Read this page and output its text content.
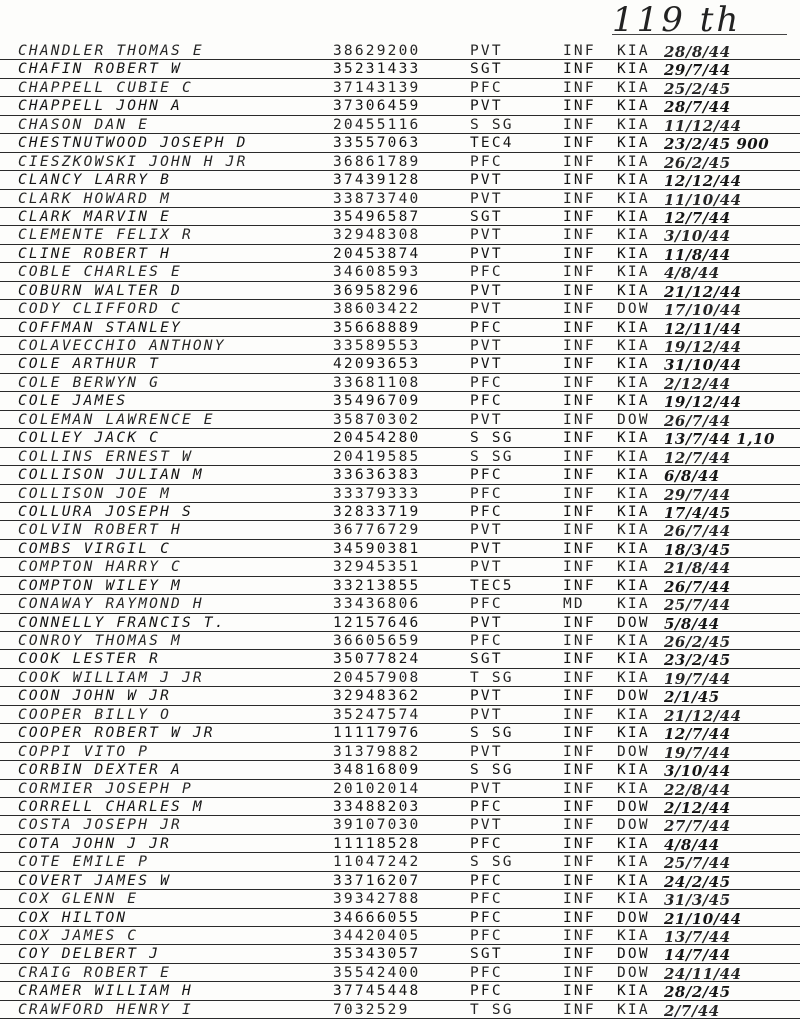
119 th
CHANDLER THOMAS E	38629200	PVT	INF	KIA 28/8/44
CHAFIN ROBERT W	35231433	SGT	INF	KIA 29/7/44
CHAPPELL CUBIE C	37143139	PFC	INF	KIA 25/2/45
CHAPPELL JOHN A	37306459	PVT	INF	KIA 28/7/44
CHASON DAN E	20455116	S SG	INF	KIA 11/12/44
CHESTNUTWOOD JOSEPH D	33557063	TEC4	INF	KIA 23/2/45 900
CIESZKOWSKI JOHN H JR	36861789	PFC	INF	KIA 26/2/45
CLANCY LARRY B	37439128	PVT	INF	KIA 12/12/44
CLARK HOWARD M	33873740	PVT	INF	KIA 11/10/44
CLARK MARVIN E	35496587	SGT	INF	KIA 12/7/44
CLEMENTE FELIX R	32948308	PVT	INF	KIA 3/10/44
CLINE ROBERT H	20453874	PVT	INF	KIA 11/8/44
COBLE CHARLES E	34608593	PFC	INF	KIA 4/8/44
COBURN WALTER D	36958296	PVT	INF	KIA 21/12/44
CODY CLIFFORD C	38603422	PVT	INF	DOW 17/10/44
COFFMAN STANLEY	35668889	PFC	INF	KIA 12/11/44
COLAVECCHIO ANTHONY	33589553	PVT	INF	KIA 19/12/44
COLE ARTHUR T	42093653	PVT	INF	KIA 31/10/44
COLE BERWYN G	33681108	PFC	INF	KIA 2/12/44
COLE JAMES	35496709	PFC	INF	KIA 19/12/44
COLEMAN LAWRENCE E	35870302	PVT	INF	DOW 26/7/44
COLLEY JACK C	20454280	S SG	INF	KIA 13/7/44 1,10
COLLINS ERNEST W	20419585	S SG	INF	KIA 12/7/44
COLLISON JULIAN M	33636383	PFC	INF	KIA 6/8/44
COLLISON JOE M	33379333	PFC	INF	KIA 29/7/44
COLLURA JOSEPH S	32833719	PFC	INF	KIA 17/4/45
COLVIN ROBERT H	36776729	PVT	INF	KIA 26/7/44
COMBS VIRGIL C	34590381	PVT	INF	KIA 18/3/45
COMPTON HARRY C	32945351	PVT	INF	KIA 21/8/44
COMPTON WILEY M	33213855	TEC5	INF	KIA 26/7/44
CONAWAY RAYMOND H	33436806	PFC	MD	KIA 25/7/44
CONNELLY FRANCIS T.	12157646	PVT	INF	DOW 5/8/44
CONROY THOMAS M	36605659	PFC	INF	KIA 26/2/45
COOK LESTER R	35077824	SGT	INF	KIA 23/2/45
COOK WILLIAM J JR	20457908	T SG	INF	KIA 19/7/44
COON JOHN W JR	32948362	PVT	INF	DOW 2/1/45
COOPER BILLY O	35247574	PVT	INF	KIA 21/12/44
COOPER ROBERT W JR	11117976	S SG	INF	KIA 12/7/44
COPPI VITO P	31379882	PVT	INF	DOW 19/7/44
CORBIN DEXTER A	34816809	S SG	INF	KIA 3/10/44
CORMIER JOSEPH P	20102014	PVT	INF	KIA 22/8/44
CORRELL CHARLES M	33488203	PFC	INF	DOW 2/12/44
COSTA JOSEPH JR	39107030	PVT	INF	DOW 27/7/44
COTA JOHN J JR	11118528	PFC	INF	KIA 4/8/44
COTE EMILE P	11047242	S SG	INF	KIA 25/7/44
COVERT JAMES W	33716207	PFC	INF	KIA 24/2/45
COX GLENN E	39342788	PFC	INF	KIA 31/3/45
COX HILTON	34666055	PFC	INF	DOW 21/10/44
COX JAMES C	34420405	PFC	INF	KIA 13/7/44
COY DELBERT J	35343057	SGT	INF	DOW 14/7/44
CRAIG ROBERT E	35542400	PFC	INF	DOW 24/11/44
CRAMER WILLIAM H	37745448	PFC	INF	KIA 28/2/45
CRAWFORD HENRY I	7032529	T SG	INF	KIA 2/7/44
